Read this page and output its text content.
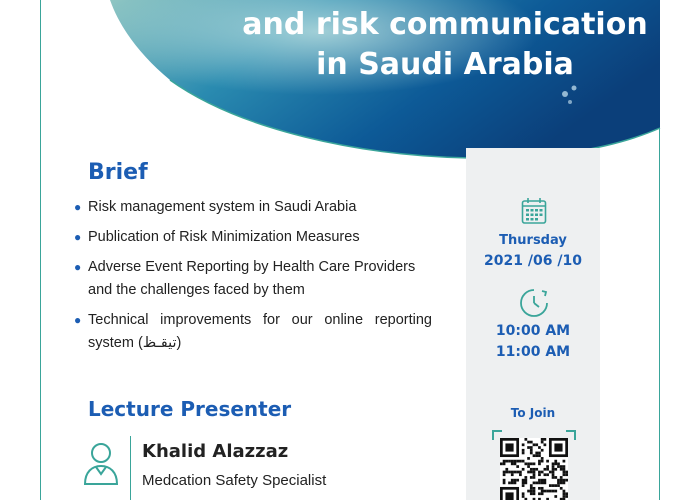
and risk communication
in Saudi Arabia
Brief
● Risk management system in Saudi Arabia
● Publication of Risk Minimization Measures
● Adverse Event Reporting by Health Care Providers and the challenges faced by them
● Technical improvements for our online reporting system (تيقـظ)
Lecture Presenter
Khalid Alazzaz
Medcation Safety Specialist
Thursday
2021 /06 /10
10:00 AM
11:00 AM
To Join
